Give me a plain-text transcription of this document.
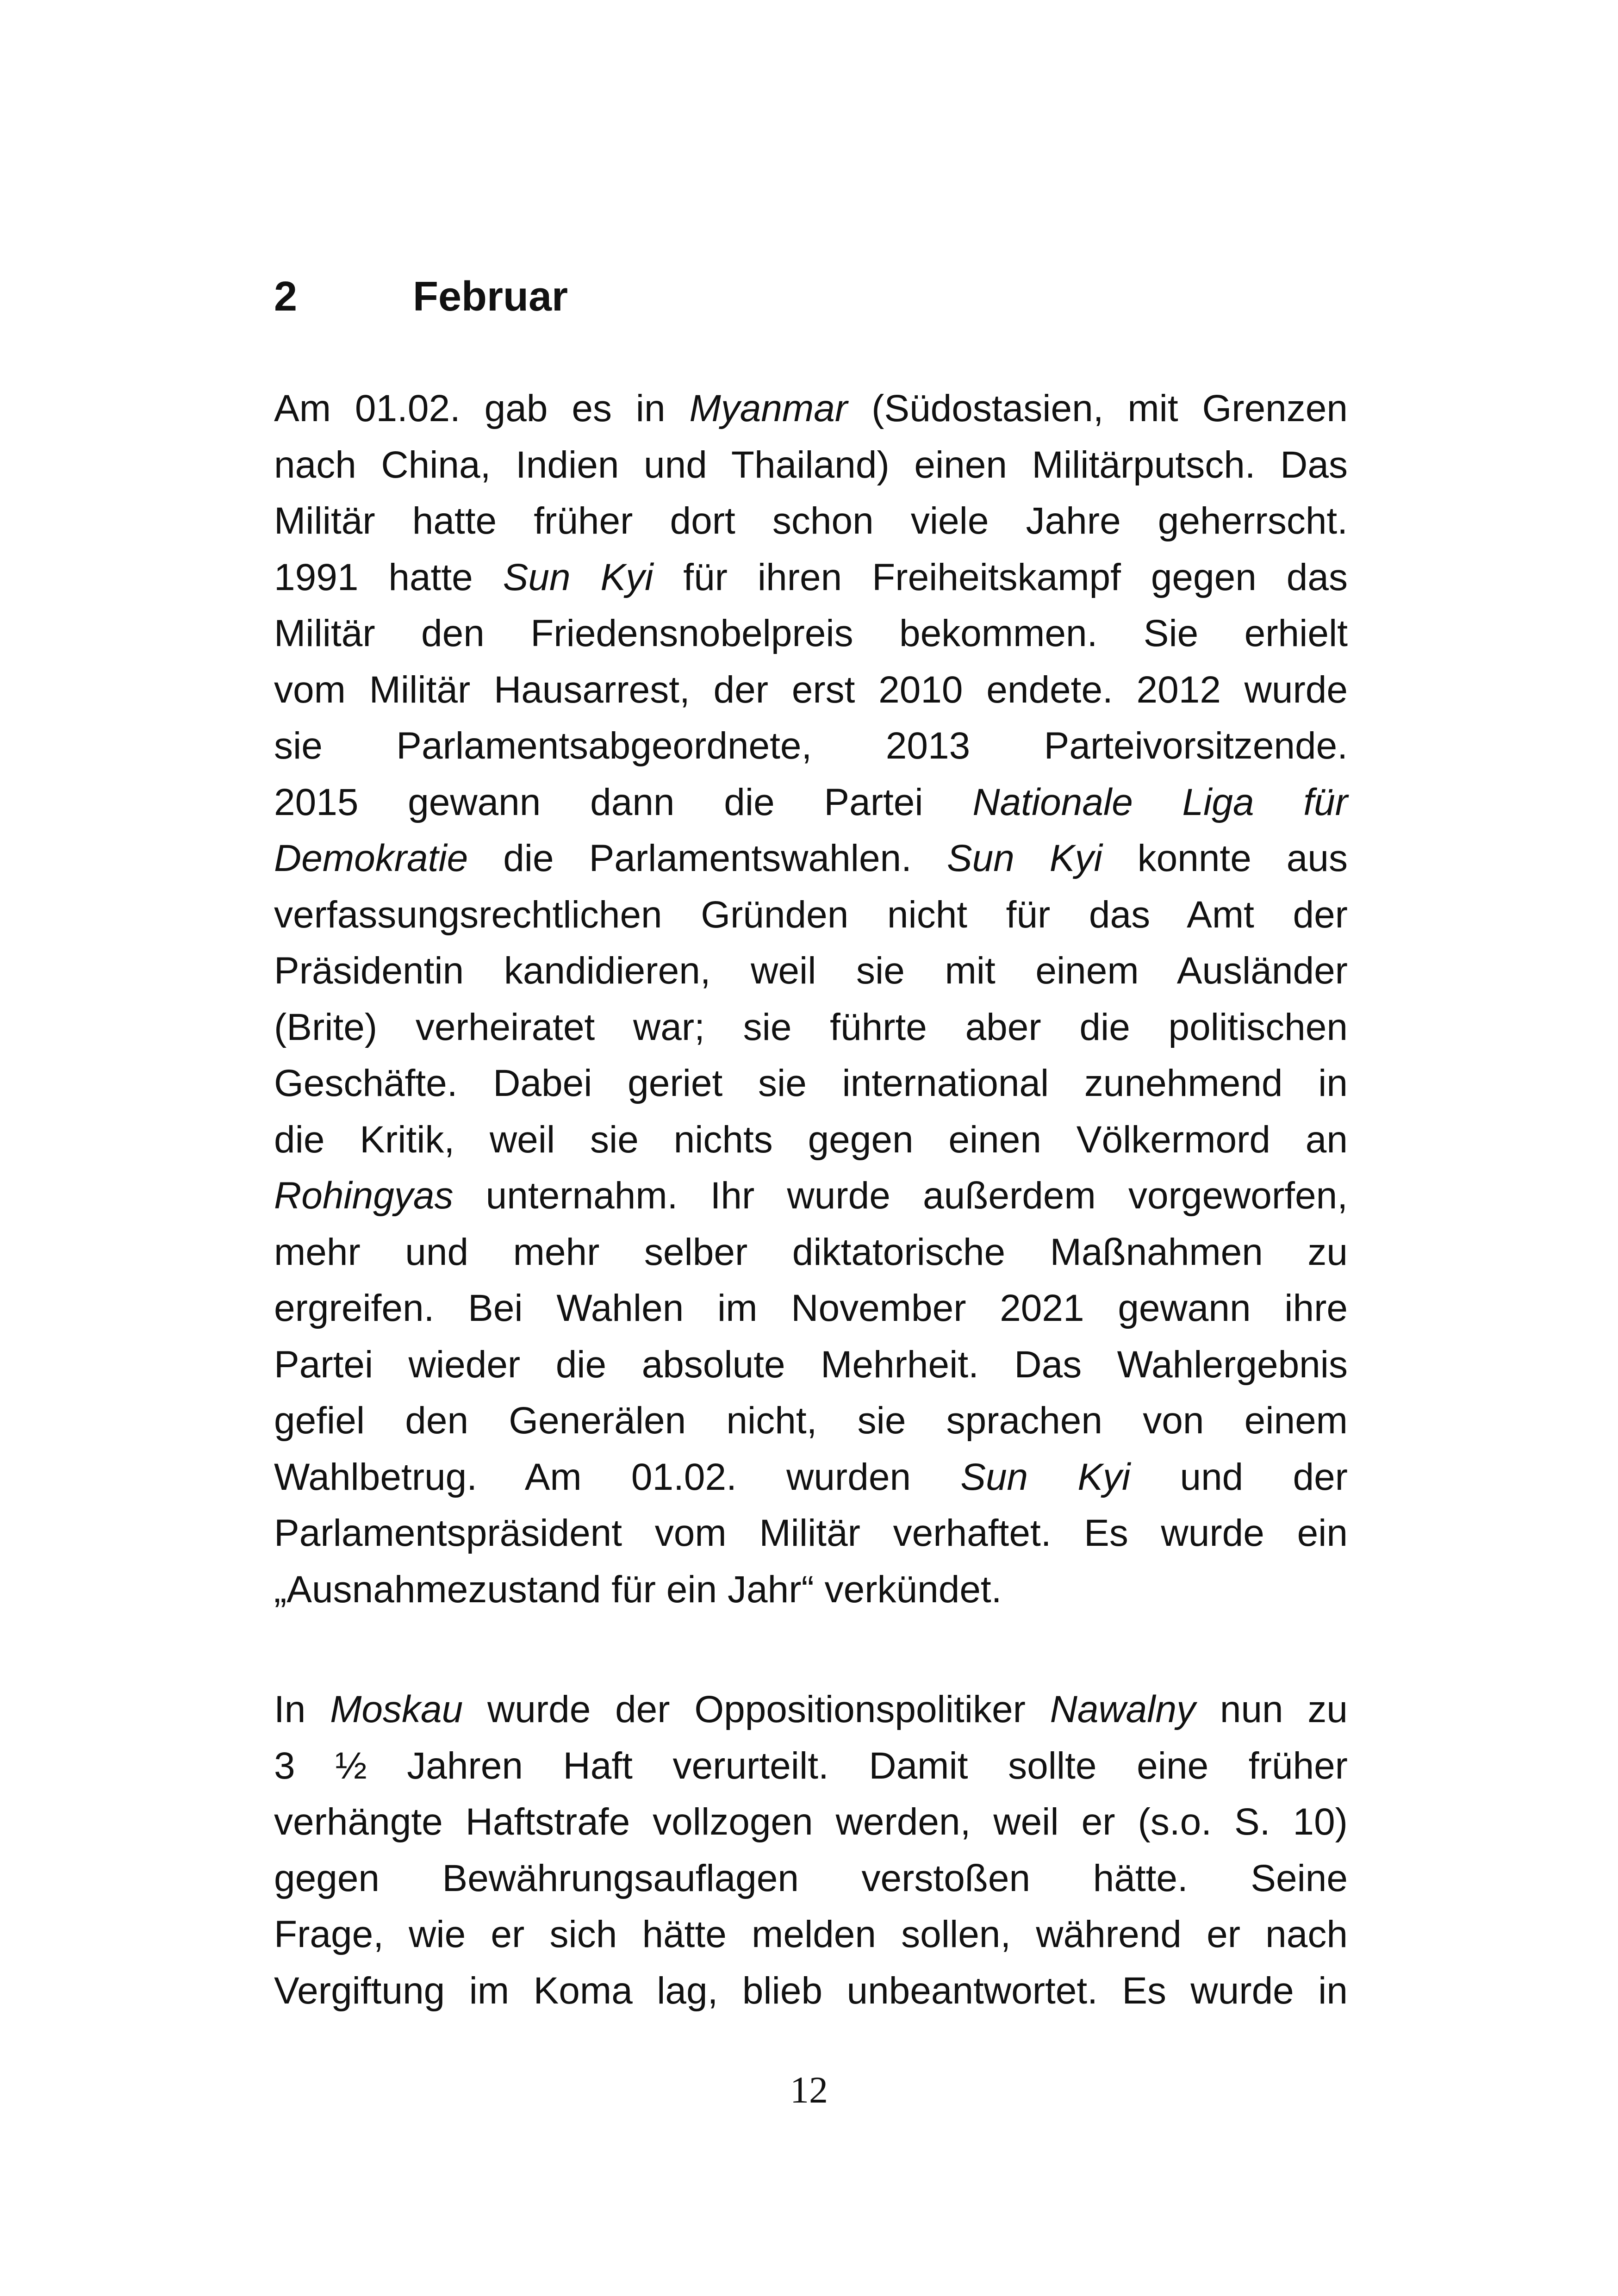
2	Februar
Am 01.02. gab es in Myanmar (Südostasien, mit Grenzen
nach China, Indien und Thailand) einen Militärputsch. Das
Militär hatte früher dort schon viele Jahre geherrscht.
1991 hatte Sun Kyi für ihren Freiheitskampf gegen das
Militär den Friedensnobelpreis bekommen. Sie erhielt
vom Militär Hausarrest, der erst 2010 endete. 2012 wurde
sie Parlamentsabgeordnete, 2013 Parteivorsitzende.
2015 gewann dann die Partei Nationale Liga für
Demokratie die Parlamentswahlen. Sun Kyi konnte aus
verfassungsrechtlichen Gründen nicht für das Amt der
Präsidentin kandidieren, weil sie mit einem Ausländer
(Brite) verheiratet war; sie führte aber die politischen
Geschäfte. Dabei geriet sie international zunehmend in
die Kritik, weil sie nichts gegen einen Völkermord an
Rohingyas unternahm. Ihr wurde außerdem vorgeworfen,
mehr und mehr selber diktatorische Maßnahmen zu
ergreifen. Bei Wahlen im November 2021 gewann ihre
Partei wieder die absolute Mehrheit. Das Wahlergebnis
gefiel den Generälen nicht, sie sprachen von einem
Wahlbetrug. Am 01.02. wurden Sun Kyi und der
Parlamentspräsident vom Militär verhaftet. Es wurde ein
„Ausnahmezustand für ein Jahr“ verkündet.
In Moskau wurde der Oppositionspolitiker Nawalny nun zu
3 ½ Jahren Haft verurteilt. Damit sollte eine früher
verhängte Haftstrafe vollzogen werden, weil er (s.o. S. 10)
gegen Bewährungsauflagen verstoßen hätte. Seine
Frage, wie er sich hätte melden sollen, während er nach
Vergiftung im Koma lag, blieb unbeantwortet. Es wurde in
12
